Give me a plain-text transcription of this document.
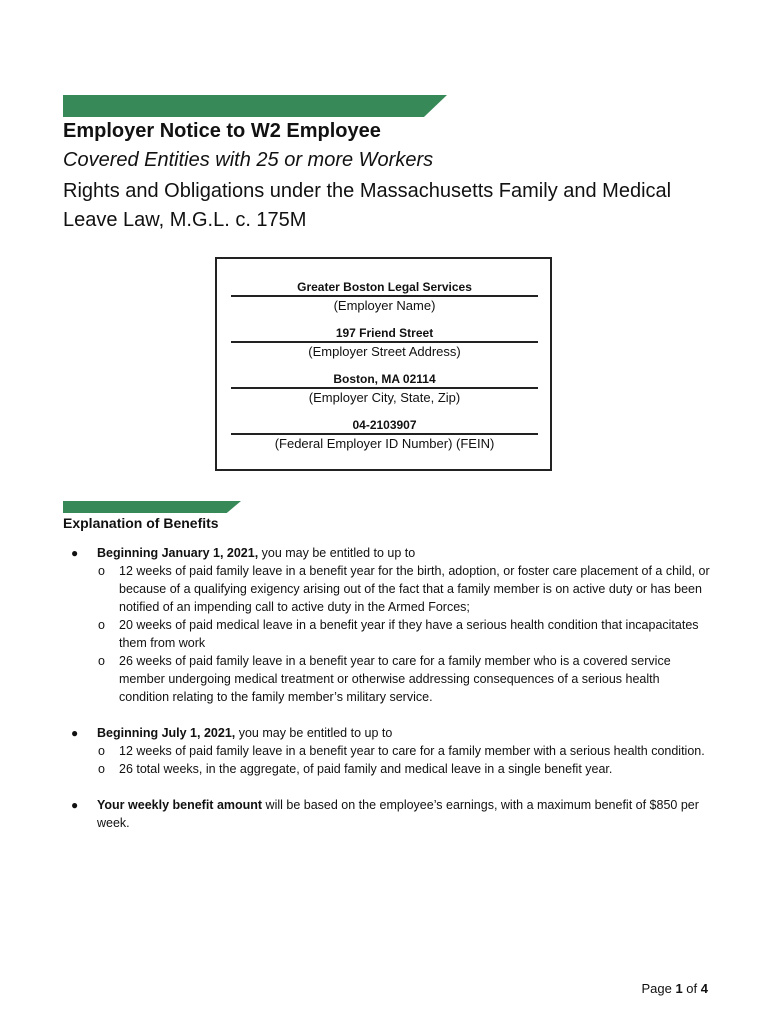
Employer Notice to W2 Employee
Covered Entities with 25 or more Workers
Rights and Obligations under the Massachusetts Family and Medical Leave Law, M.G.L. c. 175M
Greater Boston Legal Services
(Employer Name)
197 Friend Street
(Employer Street Address)
Boston, MA 02114
(Employer City, State, Zip)
04-2103907
(Federal Employer ID Number) (FEIN)
Explanation of Benefits
● Beginning January 1, 2021, you may be entitled to up to
o 12 weeks of paid family leave in a benefit year for the birth, adoption, or foster care placement of a child, or because of a qualifying exigency arising out of the fact that a family member is on active duty or has been notified of an impending call to active duty in the Armed Forces;
o 20 weeks of paid medical leave in a benefit year if they have a serious health condition that incapacitates them from work
o 26 weeks of paid family leave in a benefit year to care for a family member who is a covered service member undergoing medical treatment or otherwise addressing consequences of a serious health condition relating to the family member’s military service.
● Beginning July 1, 2021, you may be entitled to up to
o 12 weeks of paid family leave in a benefit year to care for a family member with a serious health condition.
o 26 total weeks, in the aggregate, of paid family and medical leave in a single benefit year.
● Your weekly benefit amount will be based on the employee’s earnings, with a maximum benefit of $850 per week.
Page 1 of 4
